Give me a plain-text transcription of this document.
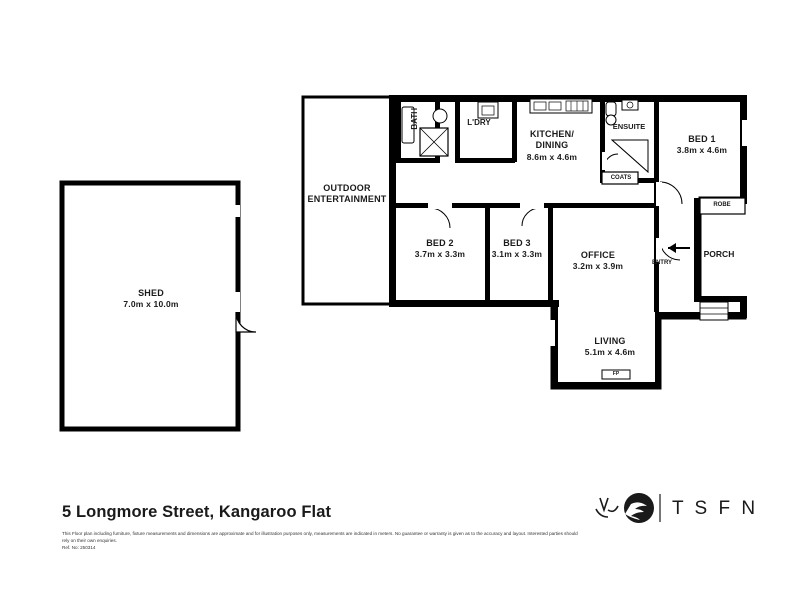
SHED
7.0m x 10.0m
OUTDOOR
ENTERTAINMENT
BATH	L'DRY
KITCHEN/
DINING
8.6m x 4.6m
ENSUITE
BED 1
3.8m x 4.6m
COATS
ROBE
BED 2
3.7m x 3.3m
BED 3
3.1m x 3.3m	OFFICE
3.2m x 3.9m	ENTRY
PORCH
LIVING
5.1m x 4.6m
FP
5 Longmore Street, Kangaroo Flat
This Floor plan including furniture, fixture measurements and dimensions are approximate and for illustration purposes only, measurements are indicated in meters. No guarantee or warranty is given as to the accuracy and layout. Interested parties should rely on their own enquiries.
Ref. No: 250314
T S F N
